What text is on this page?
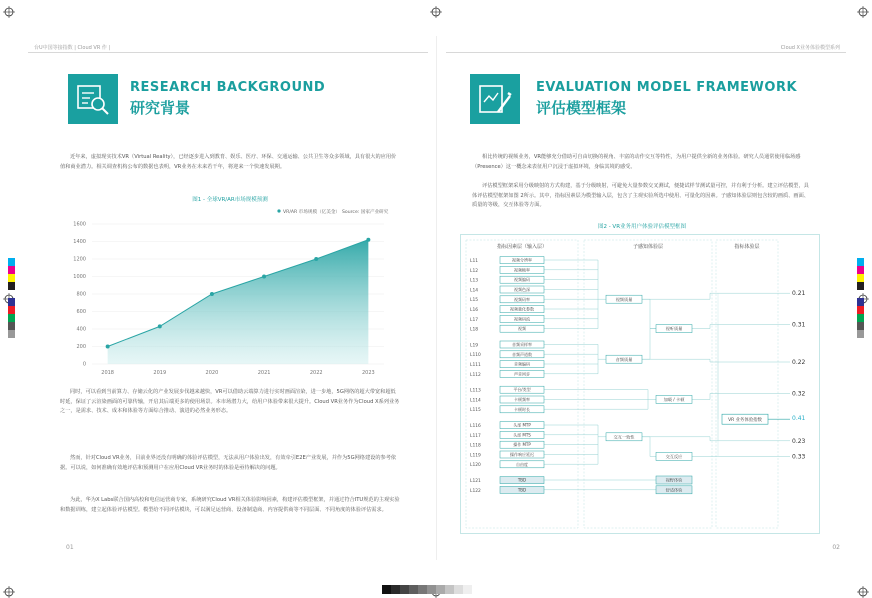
台U中国等接指数 | Cloud VR 作 |
RESEARCH BACKGROUND
研究背景
近年来，虚拟现实技术VR（Virtual Reality），已经逐步进入到教育、娱乐、医疗、环保、交通运输、公共卫生等众多领域，具有很大的应用价值和商业潜力。相关调查机构公布的数据也表明，VR业务在未来若干年，将迎来一个快速发展期。
图1 - 全球VR/AR市场规模预测
VR/AR 市场规模（亿美金） Source: 国家产业研究
0
200
400
600
800
1000
1200
1400
1600
2018	2019	2020	2021	2022	2023
同时，可以看到当前算力、存储云化的产业发展步伐越来越快，VR可以借助云端算力进行实时画面渲染，进一步地，5G网络的超大带宽和超低时延，保证了云渲染画面的可靠传输，开启其后端更多的使用场景。本市场潜力大，给用户体验带来很大提升。Cloud VR业务作为Cloud X系列业务之一，是需求、技术、成本和体验等方面综合推动、演进的必然业务形态。
然而，针对Cloud VR业务，目前业界还没有明确的体验评估模型，无法从用户体验出发，有效牵引E2E产业发展，并作为5G网络建设的参考依据。可以说，如何准确有效地评估和预测用户在应用Cloud VR业务时的体验是亟待解决的问题。
为此，华为X Labs联合国内高校和电信运营商专家，系统研究Cloud VR相关体验影响因素，构建评估模型框架，并通过符合ITU规范的主观实验和数据训练，建立起体验评估模型。模型给不同评估模块，可以满足运营商、设备制造商、内容提供商等不同层面、不同角度的体验评估需求。
01
Cloud X业务体验模型系列
EVALUATION MODEL FRAMEWORK
评估模型框架
相比传统的视频业务，VR能够充分借助可自由切换的视角、丰富的动作交互等特性，为用户提供全新的业务体验。研究人员通常使用临场感（Presence）这一概念来表征用户沉浸于虚拟环境，身临其境的感受。
评估模型框架采用分级映射的方式构建，基于分级映射，可避免大量参数交叉测试，便捷试样节测试量可控，并有利于分析。建立评估模型，具体评估模型框架如图 2所示。其中，指标因素层为模型输入层，包含了主观实验所选中使用、可量化的因素。子感知体验层则包含较的画质、画面、质量的等级，交互体验等方面。
图2 - VR业务用户体验评估模型框图
指标因素层（输入层）	子感知体验层	指标体验层
L11	视频分辨率
L12	视频帧率
L13	视频编码
L14	视频色深
L15	视频码率
L16	视频量化参数
L17	视频码流
L18	视频
L19	音频采样率
L110	音频声道数
L111	音频编码
L112	声音同步
L113	平台/类型
L114	卡顿频率
L115	卡顿时长
L116	头部 MTP
L117	头部 MTS
L118	操作 MTP
L119	操作响应延迟
L120	自由度
L121	TBD
L122	TBD
视频质量
视听质量
音频质量
加载 / 卡顿
交互一致性
交互反应
视野体验
舒适体验
VR 业务体验指数
0.21
0.31
0.22
0.32
0.41
0.23
0.33
02
